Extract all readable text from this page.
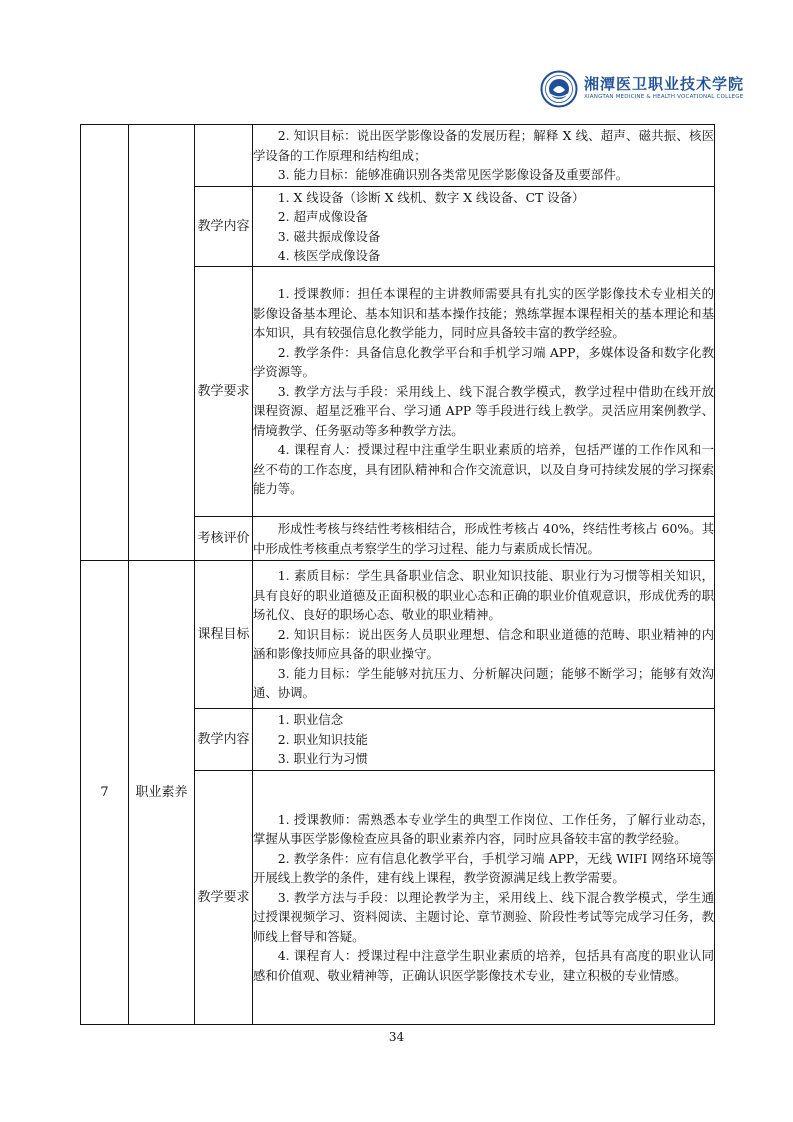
湘潭医卫职业技术学院
XIANGTAN MEDICINE & HEALTH VOCATIONAL COLLEGE

			2. 知识目标：说出医学影像设备的发展历程；解释 X 线、超声、磁共振、核医学设备的工作原理和结构组成；

3. 能力目标：能够准确识别各类常见医学影像设备及重要部件。

		教学内容	1. X 线设备（诊断 X 线机、数字 X 线设备、CT 设备）

2. 超声成像设备

3. 磁共振成像设备

4. 核医学成像设备

		教学要求	1. 授课教师：担任本课程的主讲教师需要具有扎实的医学影像技术专业相关的影像设备基本理论、基本知识和基本操作技能；熟练掌握本课程相关的基本理论和基本知识，具有较强信息化教学能力，同时应具备较丰富的教学经验。

2. 教学条件：具备信息化教学平台和手机学习端 APP，多媒体设备和数字化教学资源等。

3. 教学方法与手段：采用线上、线下混合教学模式，教学过程中借助在线开放课程资源、超星泛雅平台、学习通 APP 等手段进行线上教学。灵活应用案例教学、情境教学、任务驱动等多种教学方法。

4. 课程育人：授课过程中注重学生职业素质的培养，包括严谨的工作作风和一丝不苟的工作态度，具有团队精神和合作交流意识，以及自身可持续发展的学习探索能力等。

		考核评价	形成性考核与终结性考核相结合，形成性考核占 40%，终结性考核占 60%。其中形成性考核重点考察学生的学习过程、能力与素质成长情况。

7	职业素养	课程目标	1. 素质目标：学生具备职业信念、职业知识技能、职业行为习惯等相关知识，具有良好的职业道德及正面积极的职业心态和正确的职业价值观意识，形成优秀的职场礼仪、良好的职场心态、敬业的职业精神。

2. 知识目标：说出医务人员职业理想、信念和职业道德的范畴、职业精神的内涵和影像技师应具备的职业操守。

3. 能力目标：学生能够对抗压力、分析解决问题；能够不断学习；能够有效沟通、协调。

		教学内容	1. 职业信念

2. 职业知识技能

3. 职业行为习惯

		教学要求	1. 授课教师：需熟悉本专业学生的典型工作岗位、工作任务，了解行业动态，掌握从事医学影像检查应具备的职业素养内容，同时应具备较丰富的教学经验。

2. 教学条件：应有信息化教学平台，手机学习端 APP，无线 WIFI 网络环境等开展线上教学的条件，建有线上课程，教学资源满足线上教学需要。

3. 教学方法与手段：以理论教学为主，采用线上、线下混合教学模式，学生通过授课视频学习、资料阅读、主题讨论、章节测验、阶段性考试等完成学习任务，教师线上督导和答疑。

4. 课程育人：授课过程中注意学生职业素质的培养，包括具有高度的职业认同感和价值观、敬业精神等，正确认识医学影像技术专业，建立积极的专业情感。

34
